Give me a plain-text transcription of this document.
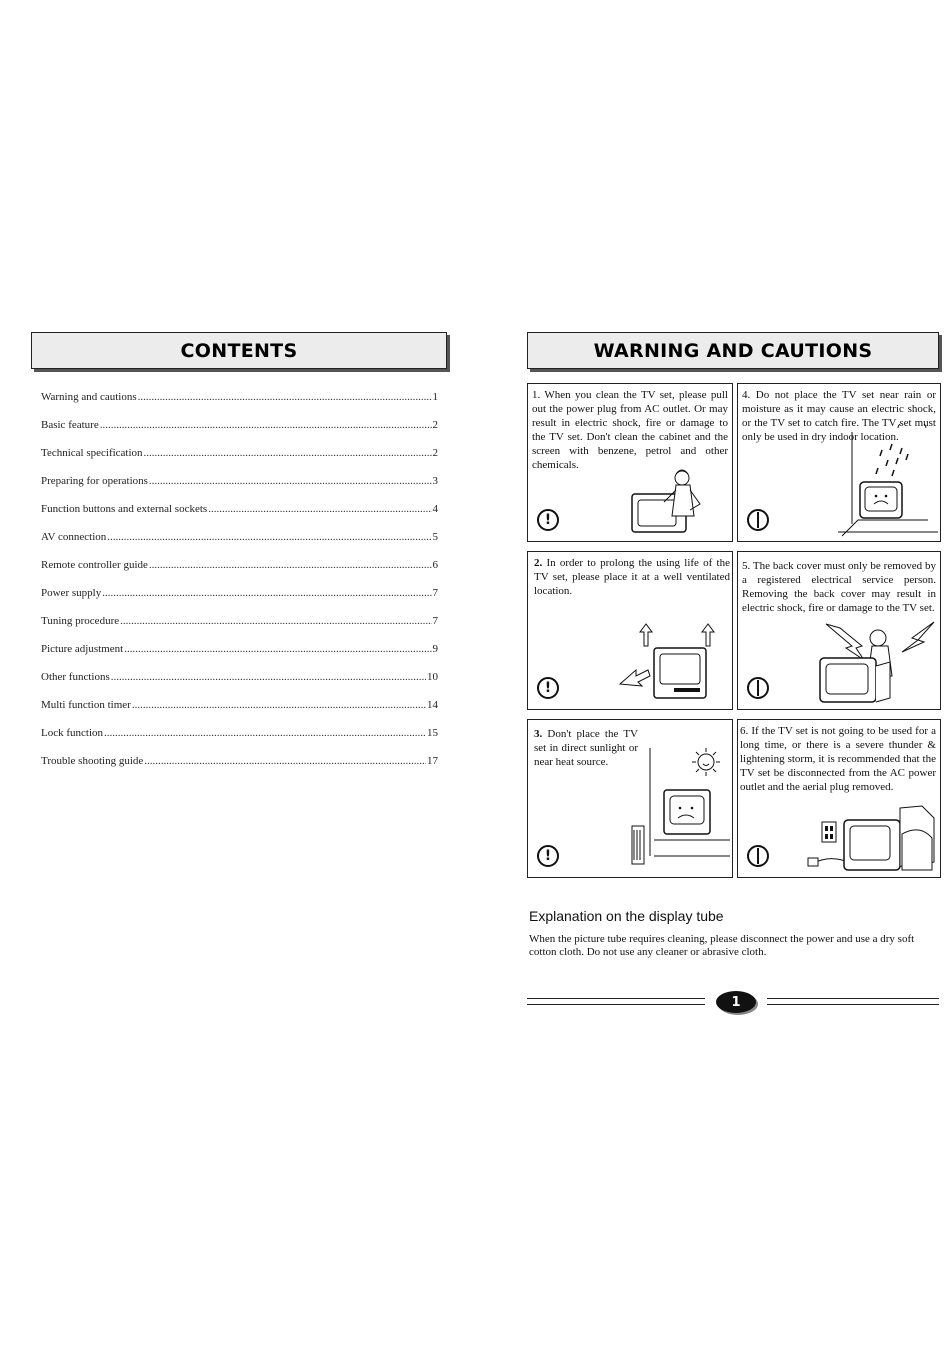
CONTENTS
Warning and cautions .....	1
Basic feature .....	2
Technical specification .....	2
Preparing for operations .....	3
Function buttons and external sockets .....	4
AV connection .....	5
Remote controller guide .....	6
Power supply .....	7
Tuning procedure .....	7
Picture adjustment .....	9
Other functions .....	10
Multi function timer .....	14
Lock function .....	15
Trouble shooting guide .....	17
WARNING AND CAUTIONS
1. When you clean the TV set, please pull out the power plug from AC outlet. Or may result in electric shock, fire or damage to the TV set. Don't clean the cabinet and the screen with benzene, petrol and other chemicals.
!
4. Do not place the TV set near rain or moisture as it may cause an electric shock, or the TV set to catch fire. The TV set must only be used in dry indoor location.
2. In order to prolong the using life of the TV set, please place it at a well ventilated location.
!
5. The back cover must only be removed by a registered electrical service person. Removing the back cover may result in electric shock, fire or damage to the TV set.
3. Don't place the TV set in direct sunlight or near heat source.
!
6. If the TV set is not going to be used for a long time, or there is a severe thunder & lightening storm, it is recommended that the TV set be disconnected from the AC power outlet and the aerial plug removed.
Explanation on the display tube
When the picture tube requires cleaning, please disconnect the power and use a dry soft cotton cloth. Do not use any cleaner or abrasive cloth.
1
